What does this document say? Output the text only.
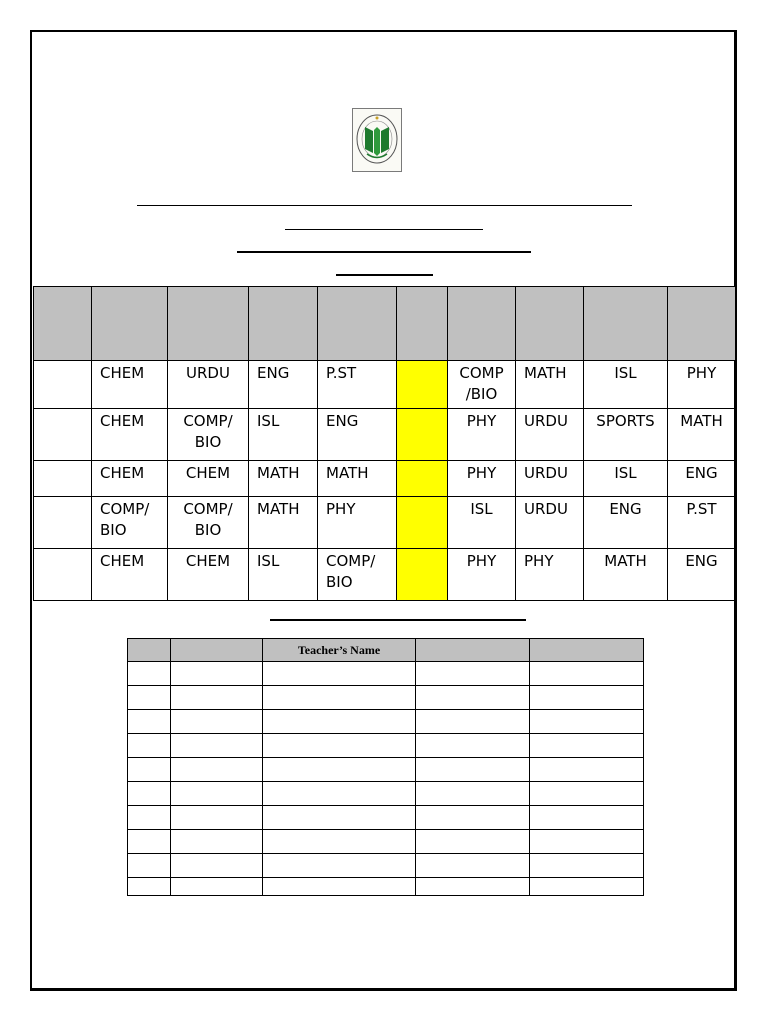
	CHEM	URDU	ENG	P.ST		COMP
/BIO	MATH	ISL	PHY
	CHEM	COMP/
BIO	ISL	ENG		PHY	URDU	SPORTS	MATH
	CHEM	CHEM	MATH	MATH		PHY	URDU	ISL	ENG
	COMP/
BIO	COMP/
BIO	MATH	PHY		ISL	URDU	ENG	P.ST
	CHEM	CHEM	ISL	COMP/
BIO		PHY	PHY	MATH	ENG
		Teacher’s Name		
